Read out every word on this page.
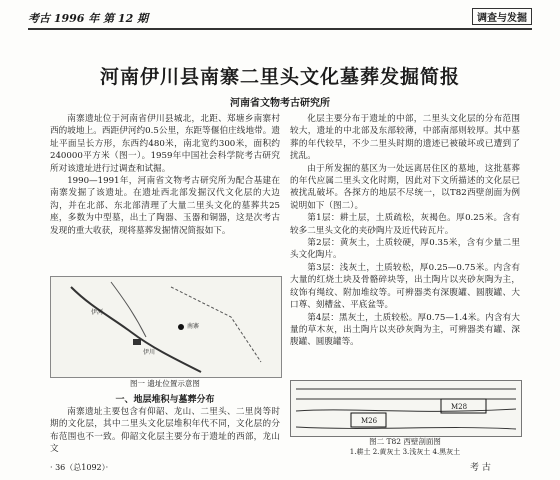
考古 1996 年 第 12 期	调查与发掘
河南伊川县南寨二里头文化墓葬发掘简报
河南省文物考古研究所

南寨遗址位于河南省伊川县城北，北距、郑塘乡南寨村西的坡地上。西距伊河约0.5公里，东距等偃伯庄线地带。遗址平面呈长方形，东西约480米，南北宽约300米，面积约240000平方米（图一）。1959年中国社会科学院考古研究所对该遗址进行过调查和试掘。

1990—1991年，河南省文物考古研究所为配合基建在南寨发掘了该遗址。在遗址西北部发掘汉代文化层的大边沟，并在北部、东北部清理了大量二里头文化的墓葬共25座，多数为中型墓，出土了陶器、玉器和铜器，这是次考古发现的重大收获，现将墓葬发掘情况简报如下。

伊河
伊川
南寨
图一 遗址位置示意图
一、地层堆积与墓葬分布

南寨遗址主要包含有仰韶、龙山、二里头、二里岗等时期的文化层，其中二里头文化层堆积年代不同，文化层的分布范围也不一致。仰韶文化层主要分布于遗址的西部，龙山文

化层主要分布于遗址的中部，二里头文化层的分布范围较大，遗址的中北部及东部较薄，中部南部则较厚。其中墓葬的年代较早，不少二里头时期的遗迹已被破坏或已遭到了扰乱。

由于所发掘的墓区为一处远离居住区的墓地，这批墓葬的年代应属二里头文化时期，因此对下文所描述的文化层已被扰乱破坏。各探方的地层不尽统一，以T82西壁剖面为例说明如下（图二）。

第1层：耕土层，土质疏松，灰褐色。厚0.25米。含有较多二里头文化的夹砂陶片及近代砖瓦片。

第2层：黄灰土，土质较硬，厚0.35米，含有少量二里头文化陶片。

第3层：浅灰土，土质较松，厚0.25—0.75米。内含有大量的红烧土块及骨骼碎块等，出土陶片以夹砂灰陶为主，纹饰有绳纹、附加堆纹等。可辨器类有深腹罐、圆腹罐、大口尊、刻槽盆、平底盆等。

第4层：黑灰土，土质较松。厚0.75—1.4米。内含有大量的草木灰，出土陶片以夹砂灰陶为主，可辨器类有罐、深腹罐、圆腹罐等。

M28
M26
图二 T82 西壁剖面图
1.耕土 2.黄灰土 3.浅灰土 4.黑灰土
· 36（总1092）·	考 古
